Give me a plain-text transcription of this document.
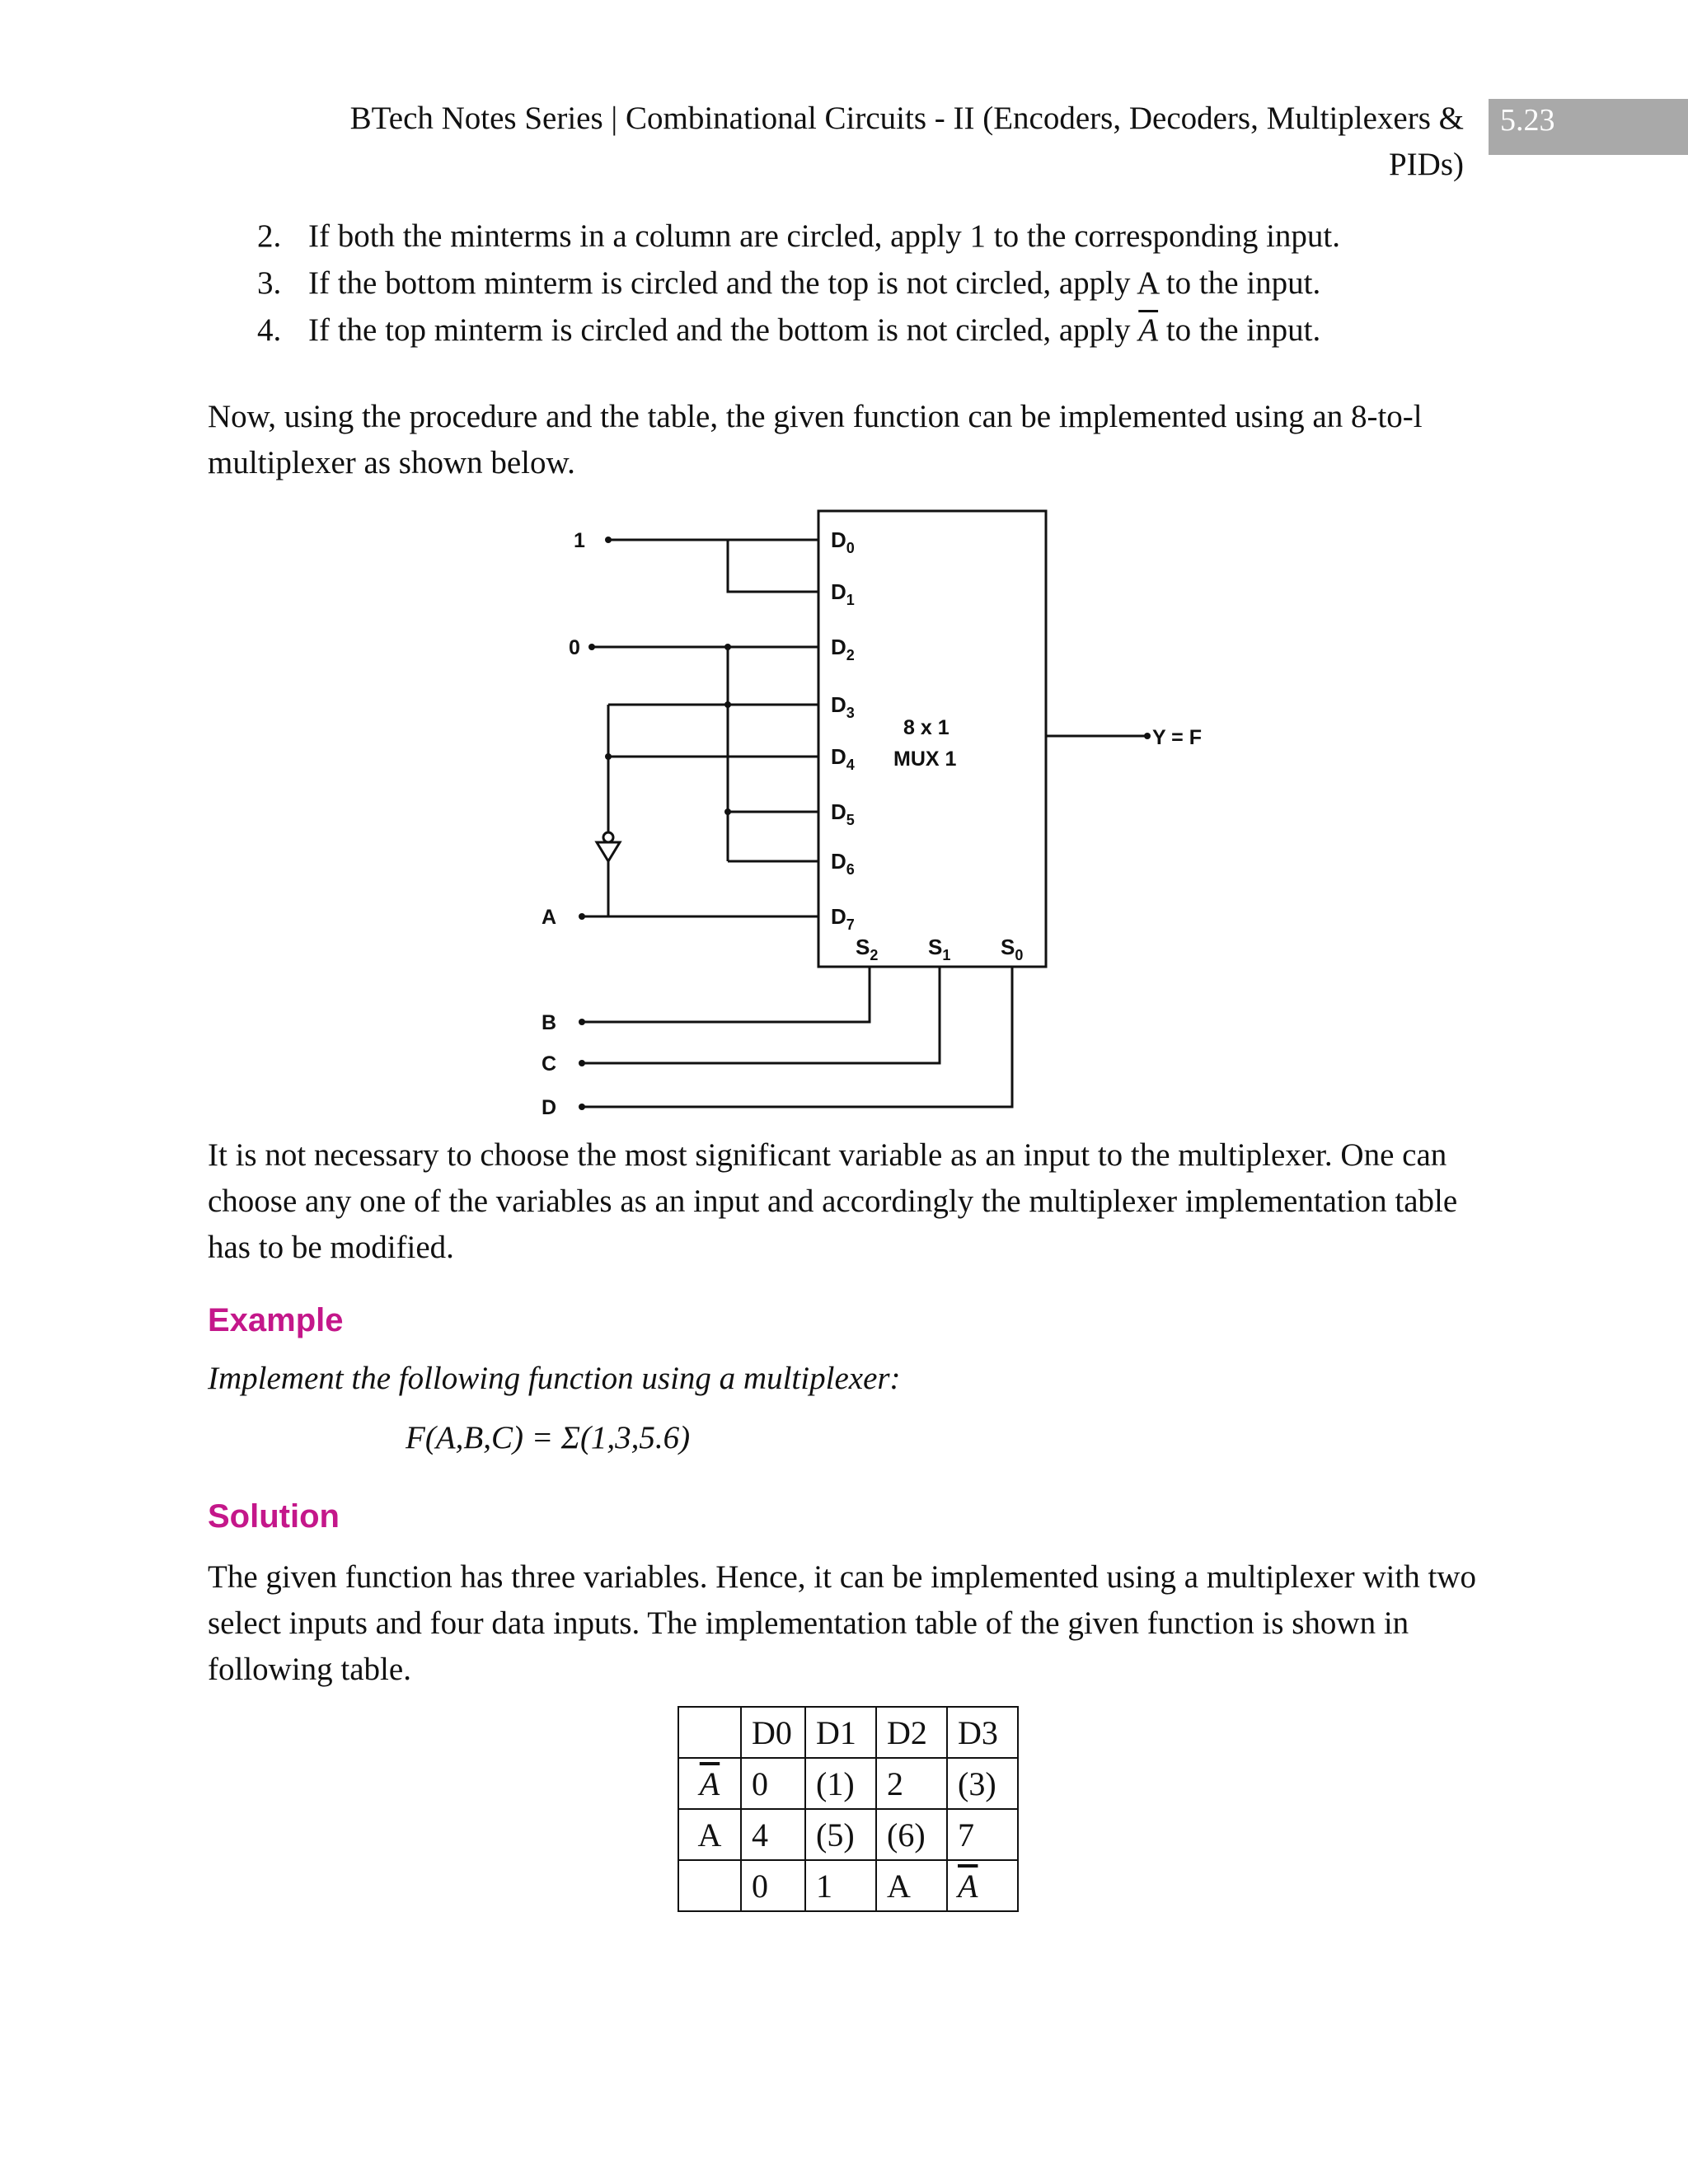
BTech Notes Series | Combinational Circuits - II (Encoders, Decoders, Multiplexers & PIDs)
5.23
2. If both the minterms in a column are circled, apply 1 to the corresponding input.
3. If the bottom minterm is circled and the top is not circled, apply A to the input.
4. If the top minterm is circled and the bottom is not circled, apply $\overline{A}$ to the input.

Now, using the procedure and the table, the given function can be implemented using an 8-to-l multiplexer as shown below.

1
0
A
B
C
D
8 x 1
MUX 1
Y = F
$D_0$
$D_1$
$D_2$
$D_3$
$D_4$
$D_5$
$D_6$
$D_7$
$S_2$ $S_1$ $S_0$

It is not necessary to choose the most significant variable as an input to the multiplexer. One can choose any one of the variables as an input and accordingly the multiplexer implementation table has to be modified.

Example

Implement the following function using a multiplexer:

F(A,B,C) = Σ(1,3,5.6)

Solution

The given function has three variables. Hence, it can be implemented using a multiplexer with two select inputs and four data inputs. The implementation table of the given function is shown in following table.

	D0	D1	D2	D3
$\overline{A}$	0	(1)	2	(3)
A	4	(5)	(6)	7
	0	1	A	$\overline{A}$
